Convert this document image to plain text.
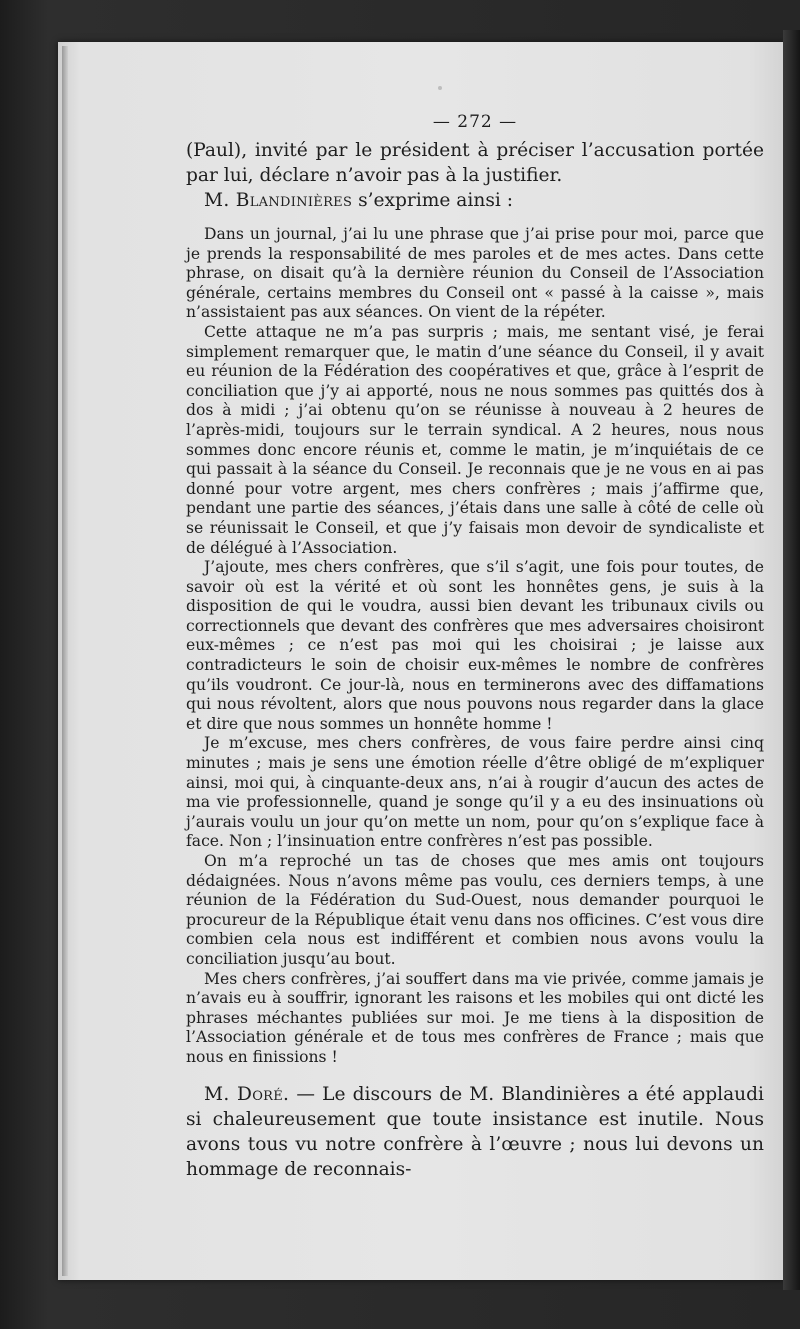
— 272 —

(Paul), invité par le président à préciser l’accusation portée par lui, déclare n’avoir pas à la justifier.

M. Blandinières s’exprime ainsi :

Dans un journal, j’ai lu une phrase que j’ai prise pour moi, parce que je prends la responsabilité de mes paroles et de mes actes. Dans cette phrase, on disait qu’à la dernière réunion du Conseil de l’Association générale, certains membres du Conseil ont « passé à la caisse », mais n’assistaient pas aux séances. On vient de la répéter.

Cette attaque ne m’a pas surpris ; mais, me sentant visé, je ferai simplement remarquer que, le matin d’une séance du Conseil, il y avait eu réunion de la Fédération des coopératives et que, grâce à l’esprit de conciliation que j’y ai apporté, nous ne nous sommes pas quittés dos à dos à midi ; j’ai obtenu qu’on se réunisse à nouveau à 2 heures de l’après-midi, toujours sur le terrain syndical. A 2 heures, nous nous sommes donc encore réunis et, comme le matin, je m’inquiétais de ce qui passait à la séance du Conseil. Je reconnais que je ne vous en ai pas donné pour votre argent, mes chers confrères ; mais j’affirme que, pendant une partie des séances, j’étais dans une salle à côté de celle où se réunissait le Conseil, et que j’y faisais mon devoir de syndicaliste et de délégué à l’Association.

J’ajoute, mes chers confrères, que s’il s’agit, une fois pour toutes, de savoir où est la vérité et où sont les honnêtes gens, je suis à la disposition de qui le voudra, aussi bien devant les tribunaux civils ou correctionnels que devant des confrères que mes adversaires choisiront eux-mêmes ; ce n’est pas moi qui les choisirai ; je laisse aux contradicteurs le soin de choisir eux-mêmes le nombre de confrères qu’ils voudront. Ce jour-là, nous en terminerons avec des diffamations qui nous révoltent, alors que nous pouvons nous regarder dans la glace et dire que nous sommes un honnête homme !

Je m’excuse, mes chers confrères, de vous faire perdre ainsi cinq minutes ; mais je sens une émotion réelle d’être obligé de m’expliquer ainsi, moi qui, à cinquante-deux ans, n’ai à rougir d’aucun des actes de ma vie professionnelle, quand je songe qu’il y a eu des insinuations où j’aurais voulu un jour qu’on mette un nom, pour qu’on s’explique face à face. Non ; l’insinuation entre confrères n’est pas possible.

On m’a reproché un tas de choses que mes amis ont toujours dédaignées. Nous n’avons même pas voulu, ces derniers temps, à une réunion de la Fédération du Sud-Ouest, nous demander pourquoi le procureur de la République était venu dans nos officines. C’est vous dire combien cela nous est indifférent et combien nous avons voulu la conciliation jusqu’au bout.

Mes chers confrères, j’ai souffert dans ma vie privée, comme jamais je n’avais eu à souffrir, ignorant les raisons et les mobiles qui ont dicté les phrases méchantes publiées sur moi. Je me tiens à la disposition de l’Association générale et de tous mes confrères de France ; mais que nous en finissions !

M. Doré. — Le discours de M. Blandinières a été applaudi si chaleureusement que toute insistance est inutile. Nous avons tous vu notre confrère à l’œuvre ; nous lui devons un hommage de reconnais-
